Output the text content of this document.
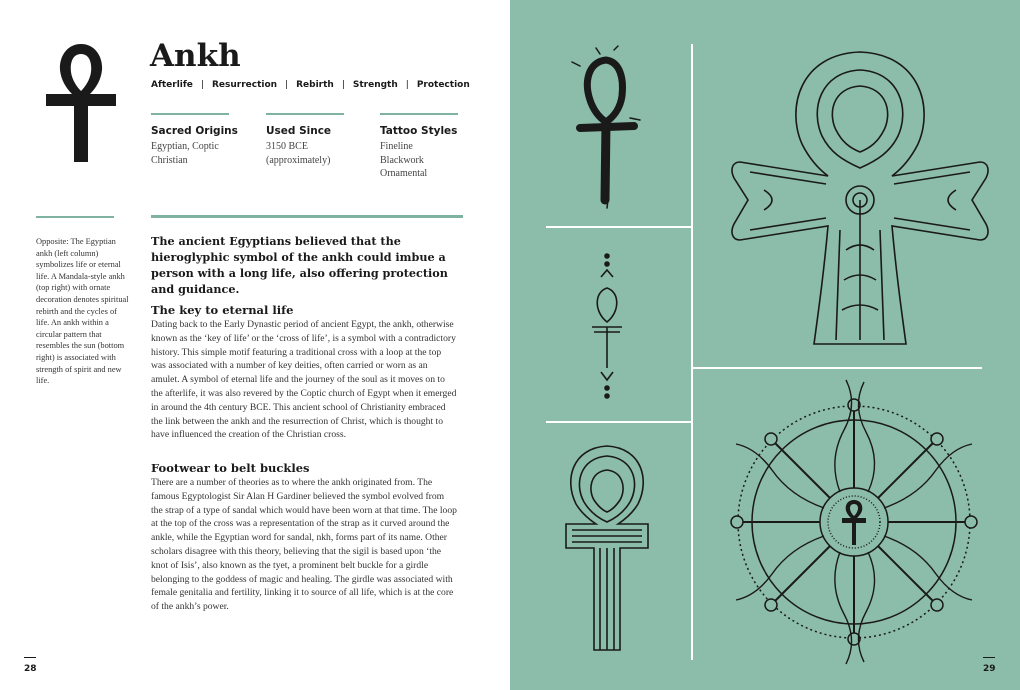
Ankh
Afterlife | Resurrection | Rebirth | Strength | Protection
Sacred Origins
Egyptian, Coptic
Christian
Used Since
3150 BCE
(approximately)
Tattoo Styles
Fineline
Blackwork
Ornamental
Opposite: The Egyptian ankh (left column) symbolizes life or eternal life. A Mandala-style ankh (top right) with ornate decoration denotes spiritual rebirth and the cycles of life. An ankh within a circular pattern that resembles the sun (bottom right) is associated with strength of spirit and new life.
The ancient Egyptians believed that the hieroglyphic symbol of the ankh could imbue a person with a long life, also offering protection and guidance.
The key to eternal life
Dating back to the Early Dynastic period of ancient Egypt, the ankh, otherwise known as the ‘key of life’ or the ‘cross of life’, is a symbol with a contradictory history. This simple motif featuring a traditional cross with a loop at the top was associated with a number of key deities, often carried or worn as an amulet. A symbol of eternal life and the journey of the soul as it moves on to the afterlife, it was also revered by the Coptic church of Egypt when it emerged in around the 4th century BCE. This ancient school of Christianity embraced the link between the ankh and the resurrection of Christ, which is thought to have influenced the creation of the Christian cross.
Footwear to belt buckles
There are a number of theories as to where the ankh originated from. The famous Egyptologist Sir Alan H Gardiner believed the symbol evolved from the strap of a type of sandal which would have been worn at that time. The loop at the top of the cross was a representation of the strap as it curved around the ankle, while the Egyptian word for sandal, nkh, forms part of its name. Other scholars disagree with this theory, believing that the sigil is based upon ‘the knot of Isis’, also known as the tyet, a prominent belt buckle for a girdle belonging to the goddess of magic and healing. The girdle was associated with female genitalia and fertility, linking it to source of all life, which is at the core of the ankh’s power.
28	29
